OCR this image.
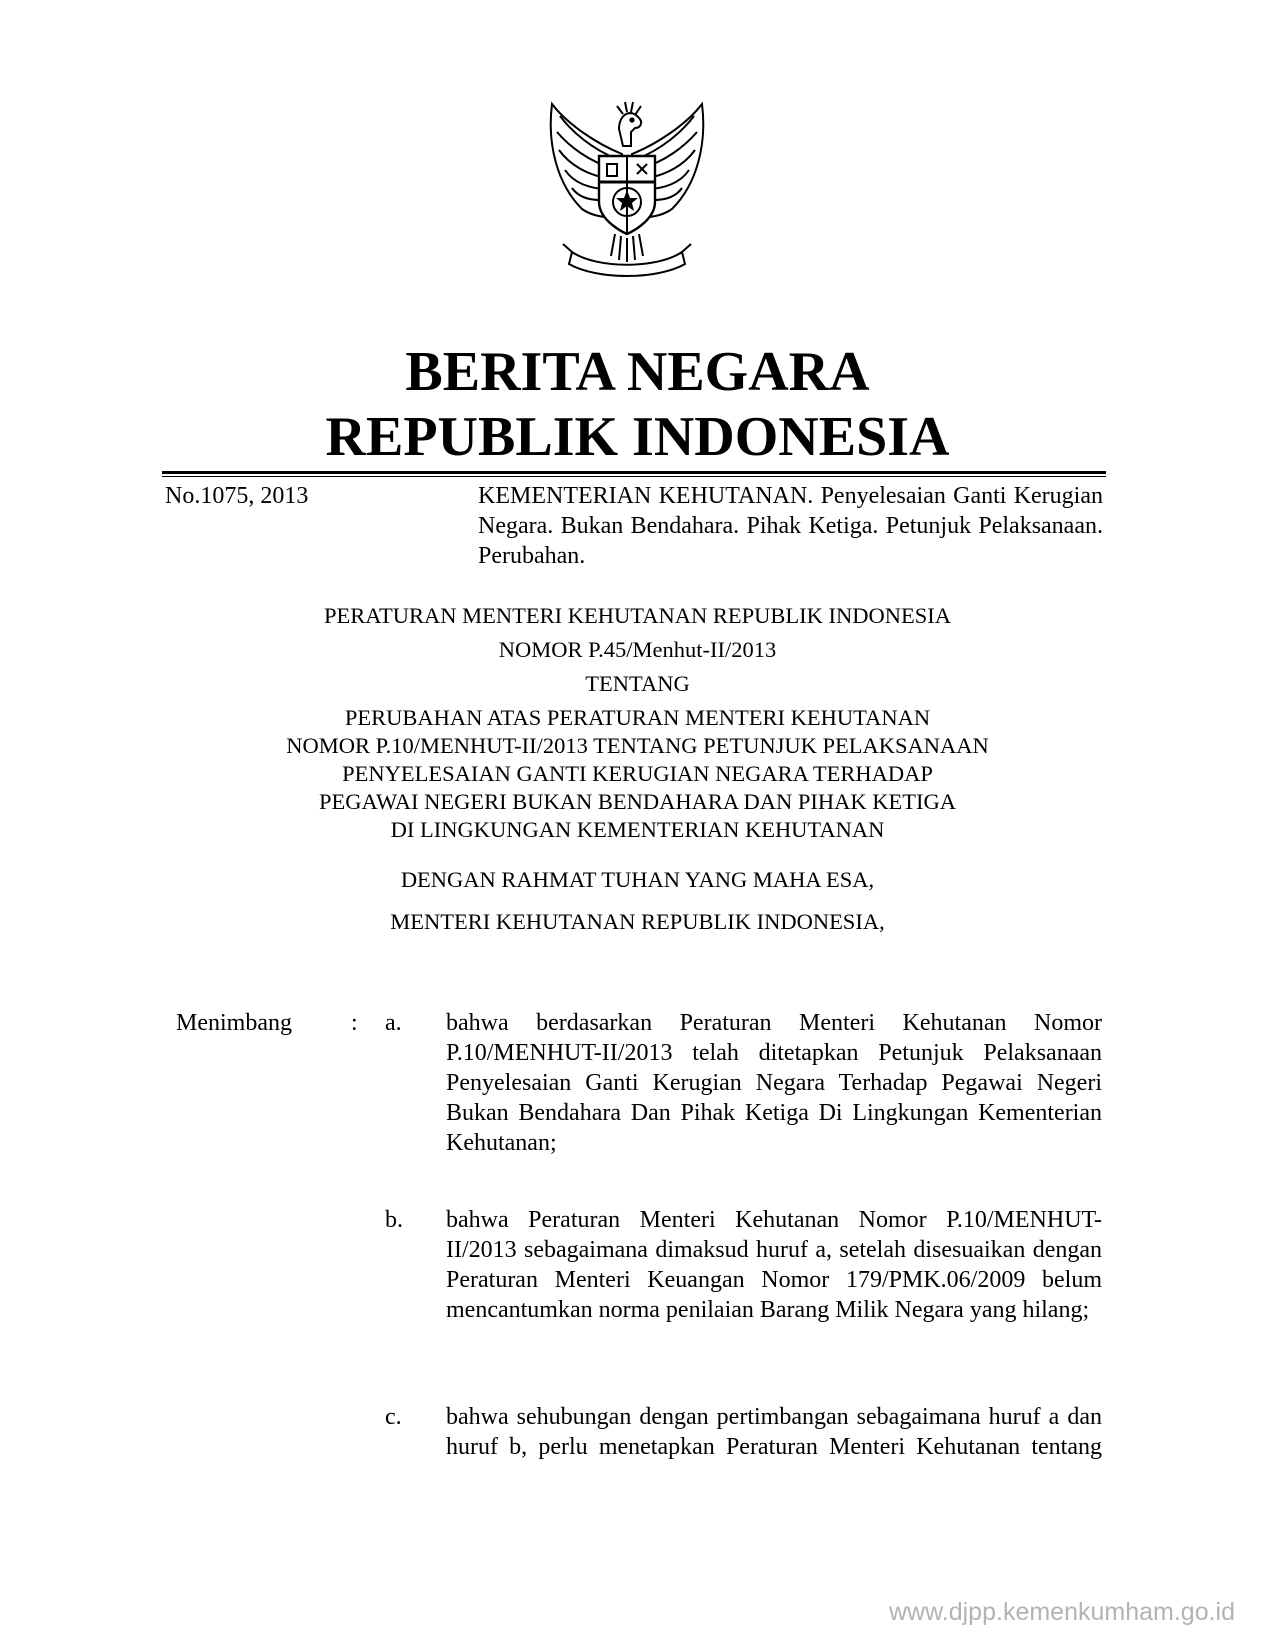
BERITA NEGARA
REPUBLIK INDONESIA
No.1075, 2013	KEMENTERIAN KEHUTANAN. Penyelesaian Ganti Kerugian Negara. Bukan Bendahara. Pihak Ketiga. Petunjuk Pelaksanaan. Perubahan.
PERATURAN MENTERI KEHUTANAN REPUBLIK INDONESIA
NOMOR P.45/Menhut-II/2013
TENTANG
PERUBAHAN ATAS PERATURAN MENTERI KEHUTANAN
NOMOR P.10/MENHUT-II/2013 TENTANG PETUNJUK PELAKSANAAN
PENYELESAIAN GANTI KERUGIAN NEGARA TERHADAP
PEGAWAI NEGERI BUKAN BENDAHARA DAN PIHAK KETIGA
DI LINGKUNGAN KEMENTERIAN KEHUTANAN
DENGAN RAHMAT TUHAN YANG MAHA ESA,
MENTERI KEHUTANAN REPUBLIK INDONESIA,
Menimbang : a. bahwa berdasarkan Peraturan Menteri Kehutanan Nomor P.10/MENHUT-II/2013 telah ditetapkan Petunjuk Pelaksanaan Penyelesaian Ganti Kerugian Negara Terhadap Pegawai Negeri Bukan Bendahara Dan Pihak Ketiga Di Lingkungan Kementerian Kehutanan;
b. bahwa Peraturan Menteri Kehutanan Nomor P.10/MENHUT-II/2013 sebagaimana dimaksud huruf a, setelah disesuaikan dengan Peraturan Menteri Keuangan Nomor 179/PMK.06/2009 belum mencantumkan norma penilaian Barang Milik Negara yang hilang;
c. bahwa sehubungan dengan pertimbangan sebagaimana huruf a dan huruf b, perlu menetapkan Peraturan Menteri Kehutanan tentang
www.djpp.kemenkumham.go.id
